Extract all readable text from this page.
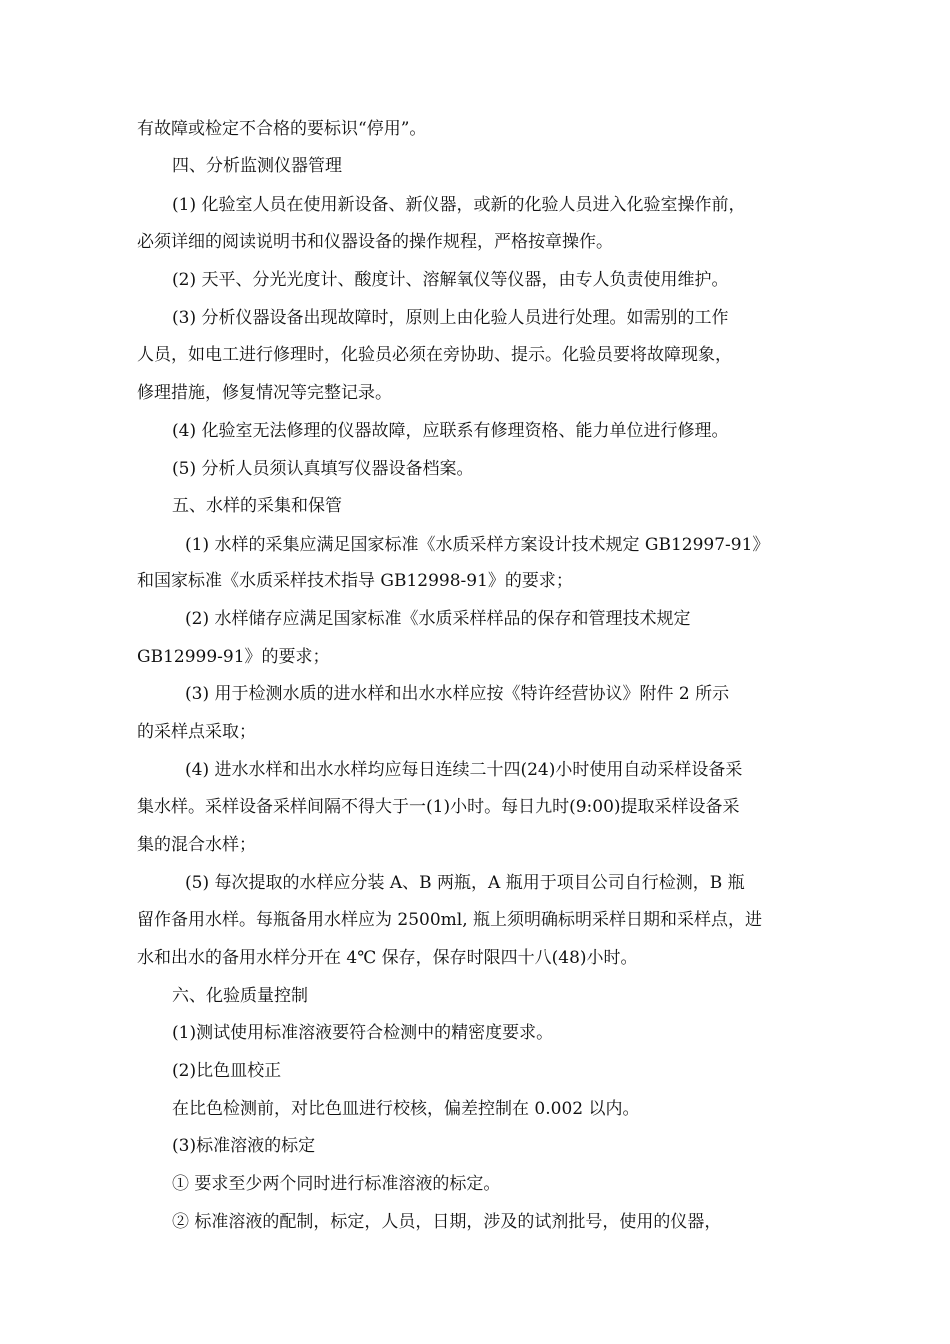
有故障或检定不合格的要标识“停用”。
四、分析监测仪器管理
(1) 化验室人员在使用新设备、新仪器，或新的化验人员进入化验室操作前，
必须详细的阅读说明书和仪器设备的操作规程，严格按章操作。
(2) 天平、分光光度计、酸度计、溶解氧仪等仪器，由专人负责使用维护。
(3) 分析仪器设备出现故障时，原则上由化验人员进行处理。如需别的工作
人员，如电工进行修理时，化验员必须在旁协助、提示。化验员要将故障现象，
修理措施，修复情况等完整记录。
(4) 化验室无法修理的仪器故障，应联系有修理资格、能力单位进行修理。
(5) 分析人员须认真填写仪器设备档案。
五、水样的采集和保管
(1) 水样的采集应满足国家标准《水质采样方案设计技术规定 GB12997-91》
和国家标准《水质采样技术指导 GB12998-91》的要求；
(2) 水样储存应满足国家标准《水质采样样品的保存和管理技术规定
GB12999-91》的要求；
(3) 用于检测水质的进水样和出水水样应按《特许经营协议》附件 2 所示
的采样点采取；
(4) 进水水样和出水水样均应每日连续二十四(24)小时使用自动采样设备采
集水样。采样设备采样间隔不得大于一(1)小时。每日九时(9:00)提取采样设备采
集的混合水样；
(5) 每次提取的水样应分装 A、B 两瓶，A 瓶用于项目公司自行检测，B 瓶
留作备用水样。每瓶备用水样应为 2500ml, 瓶上须明确标明采样日期和采样点，进
水和出水的备用水样分开在 4℃ 保存，保存时限四十八(48)小时。
六、化验质量控制
(1)测试使用标准溶液要符合检测中的精密度要求。
(2)比色皿校正
在比色检测前，对比色皿进行校核，偏差控制在 0.002 以内。
(3)标准溶液的标定
① 要求至少两个同时进行标准溶液的标定。
② 标准溶液的配制，标定，人员，日期，涉及的试剂批号，使用的仪器，
